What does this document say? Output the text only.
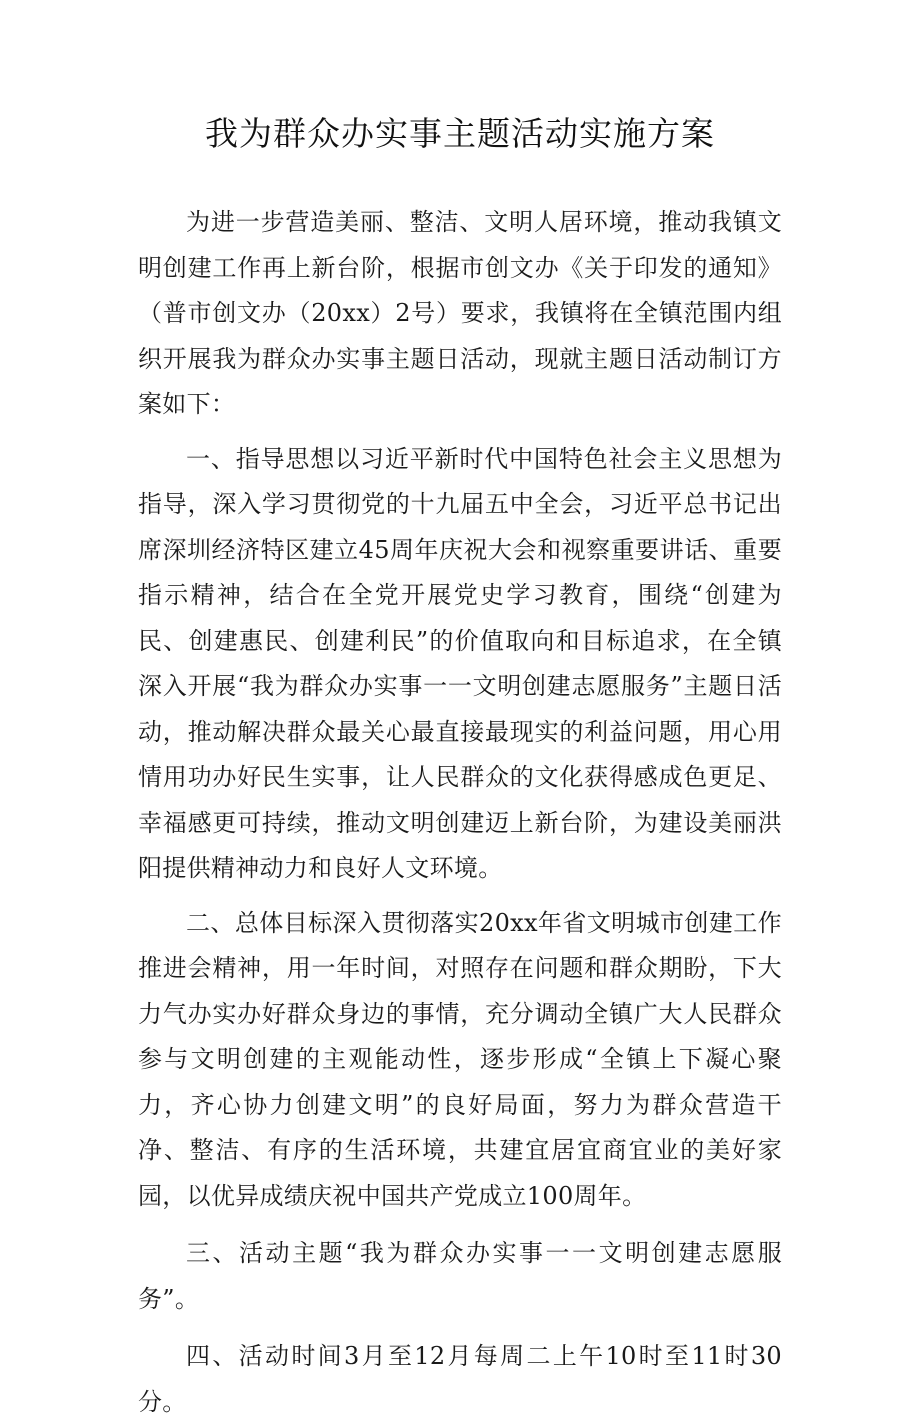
我为群众办实事主题活动实施方案

为进一步营造美丽、整洁、文明人居环境，推动我镇文明创建工作再上新台阶，根据市创文办《关于印发的通知》（普市创文办（20xx）2号）要求，我镇将在全镇范围内组织开展我为群众办实事主题日活动，现就主题日活动制订方案如下：

一、指导思想以习近平新时代中国特色社会主义思想为指导，深入学习贯彻党的十九届五中全会，习近平总书记出席深圳经济特区建立45周年庆祝大会和视察重要讲话、重要指示精神，结合在全党开展党史学习教育，围绕“创建为民、创建惠民、创建利民”的价值取向和目标追求，在全镇深入开展“我为群众办实事一一文明创建志愿服务”主题日活动，推动解决群众最关心最直接最现实的利益问题，用心用情用功办好民生实事，让人民群众的文化获得感成色更足、幸福感更可持续，推动文明创建迈上新台阶，为建设美丽洪阳提供精神动力和良好人文环境。

二、总体目标深入贯彻落实20xx年省文明城市创建工作推进会精神，用一年时间，对照存在问题和群众期盼，下大力气办实办好群众身边的事情，充分调动全镇广大人民群众参与文明创建的主观能动性，逐步形成“全镇上下凝心聚力，齐心协力创建文明”的良好局面，努力为群众营造干净、整洁、有序的生活环境，共建宜居宜商宜业的美好家园，以优异成绩庆祝中国共产党成立100周年。

三、活动主题“我为群众办实事一一文明创建志愿服务”。

四、活动时间3月至12月每周二上午10时至11时30分。
